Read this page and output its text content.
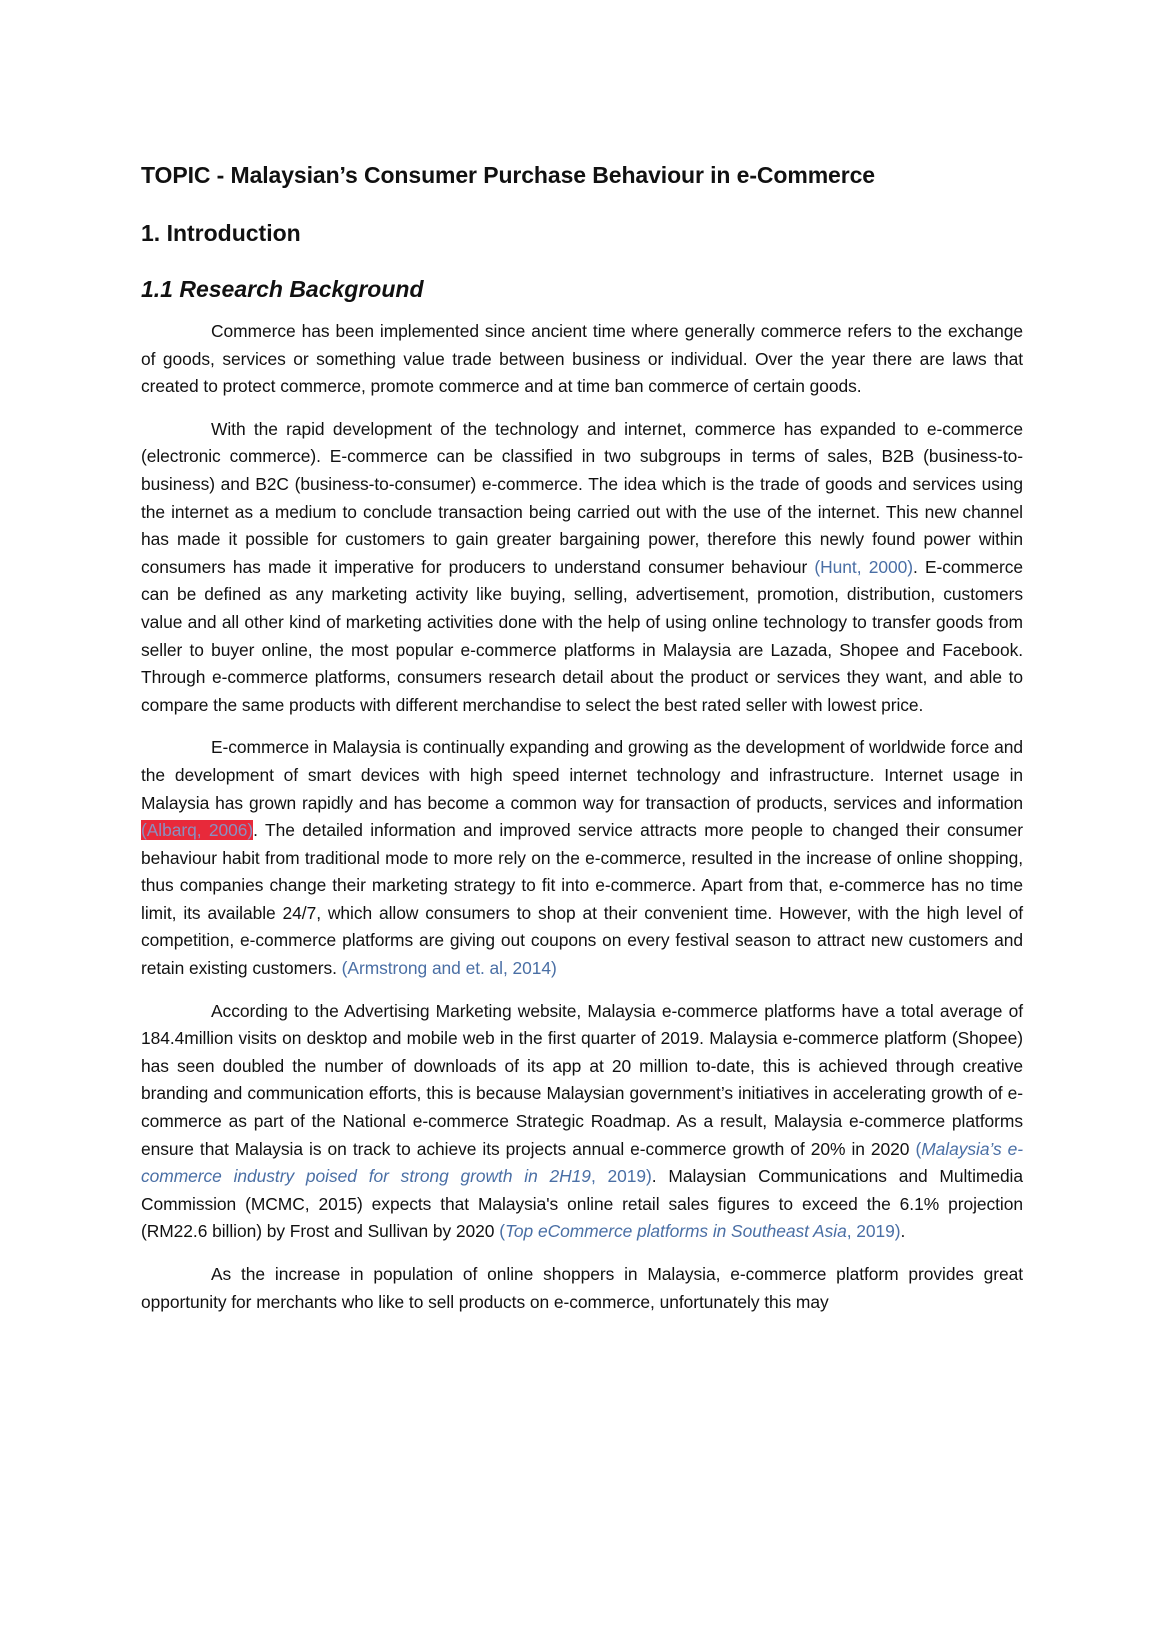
TOPIC - Malaysian’s Consumer Purchase Behaviour in e-Commerce
1. Introduction
1.1 Research Background

Commerce has been implemented since ancient time where generally commerce refers to the exchange of goods, services or something value trade between business or individual. Over the year there are laws that created to protect commerce, promote commerce and at time ban commerce of certain goods.

With the rapid development of the technology and internet, commerce has expanded to e-commerce (electronic commerce). E-commerce can be classified in two subgroups in terms of sales, B2B (business-to-business) and B2C (business-to-consumer) e-commerce. The idea which is the trade of goods and services using the internet as a medium to conclude transaction being carried out with the use of the internet. This new channel has made it possible for customers to gain greater bargaining power, therefore this newly found power within consumers has made it imperative for producers to understand consumer behaviour (Hunt, 2000). E-commerce can be defined as any marketing activity like buying, selling, advertisement, promotion, distribution, customers value and all other kind of marketing activities done with the help of using online technology to transfer goods from seller to buyer online, the most popular e-commerce platforms in Malaysia are Lazada, Shopee and Facebook. Through e-commerce platforms, consumers research detail about the product or services they want, and able to compare the same products with different merchandise to select the best rated seller with lowest price.

E-commerce in Malaysia is continually expanding and growing as the development of worldwide force and the development of smart devices with high speed internet technology and infrastructure. Internet usage in Malaysia has grown rapidly and has become a common way for transaction of products, services and information (Albarq, 2006). The detailed information and improved service attracts more people to changed their consumer behaviour habit from traditional mode to more rely on the e-commerce, resulted in the increase of online shopping, thus companies change their marketing strategy to fit into e-commerce. Apart from that, e-commerce has no time limit, its available 24/7, which allow consumers to shop at their convenient time. However, with the high level of competition, e-commerce platforms are giving out coupons on every festival season to attract new customers and retain existing customers. (Armstrong and et. al, 2014)

According to the Advertising Marketing website, Malaysia e-commerce platforms have a total average of 184.4million visits on desktop and mobile web in the first quarter of 2019. Malaysia e-commerce platform (Shopee) has seen doubled the number of downloads of its app at 20 million to-date, this is achieved through creative branding and communication efforts, this is because Malaysian government’s initiatives in accelerating growth of e-commerce as part of the National e-commerce Strategic Roadmap. As a result, Malaysia e-commerce platforms ensure that Malaysia is on track to achieve its projects annual e-commerce growth of 20% in 2020 (Malaysia’s e-commerce industry poised for strong growth in 2H19, 2019). Malaysian Communications and Multimedia Commission (MCMC, 2015) expects that Malaysia's online retail sales figures to exceed the 6.1% projection (RM22.6 billion) by Frost and Sullivan by 2020 (Top eCommerce platforms in Southeast Asia, 2019).

As the increase in population of online shoppers in Malaysia, e-commerce platform provides great opportunity for merchants who like to sell products on e-commerce, unfortunately this may
